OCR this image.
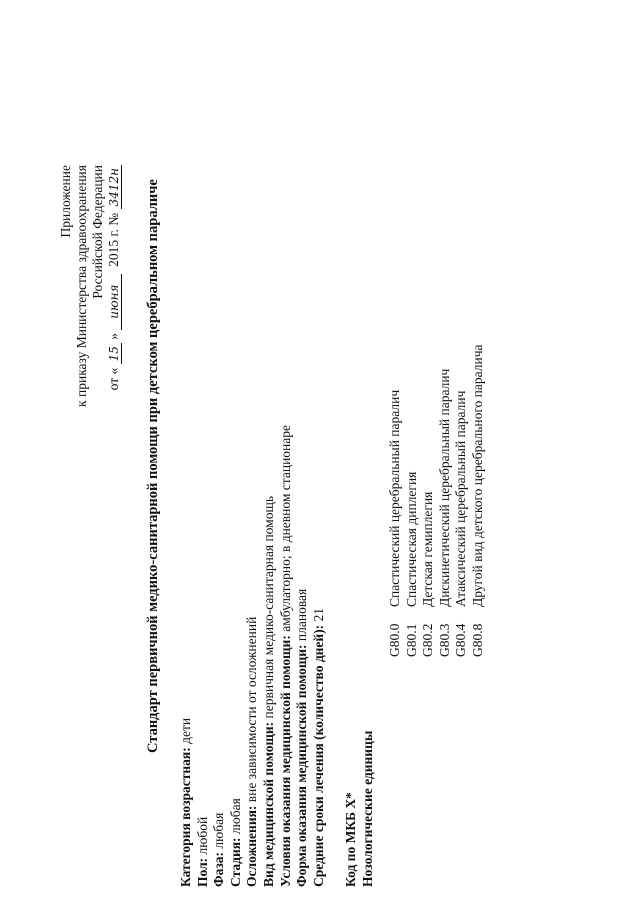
Приложение к приказу Министерства здравоохранения Российской Федерации
от « 15 » июня  2015 г. № 3412н Стандарт первичной медико-санитарной помощи при детском церебральном параличе
Категория возрастная: дети
Пол: любой
Фаза: любая
Стадия: любая Осложнения: вне зависимости от осложнений
Вид медицинской помощи: первичная медико-санитарная помощь
Условия оказания медицинской помощи: амбулаторно; в дневном стационаре
Форма оказания медицинской помощи: плановая
Средние сроки лечения (количество дней): 21
Код по МКБ X* Нозологические единицы
G80.0
Спастический церебральный паралич
G80.1
Спастическая диплегия
G80.2
Детская гемиплегия
G80.3
Дискинетический церебральный паралич
G80.4
Атаксический церебральный паралич
G80.8
Другой вид детского церебрального паралича
